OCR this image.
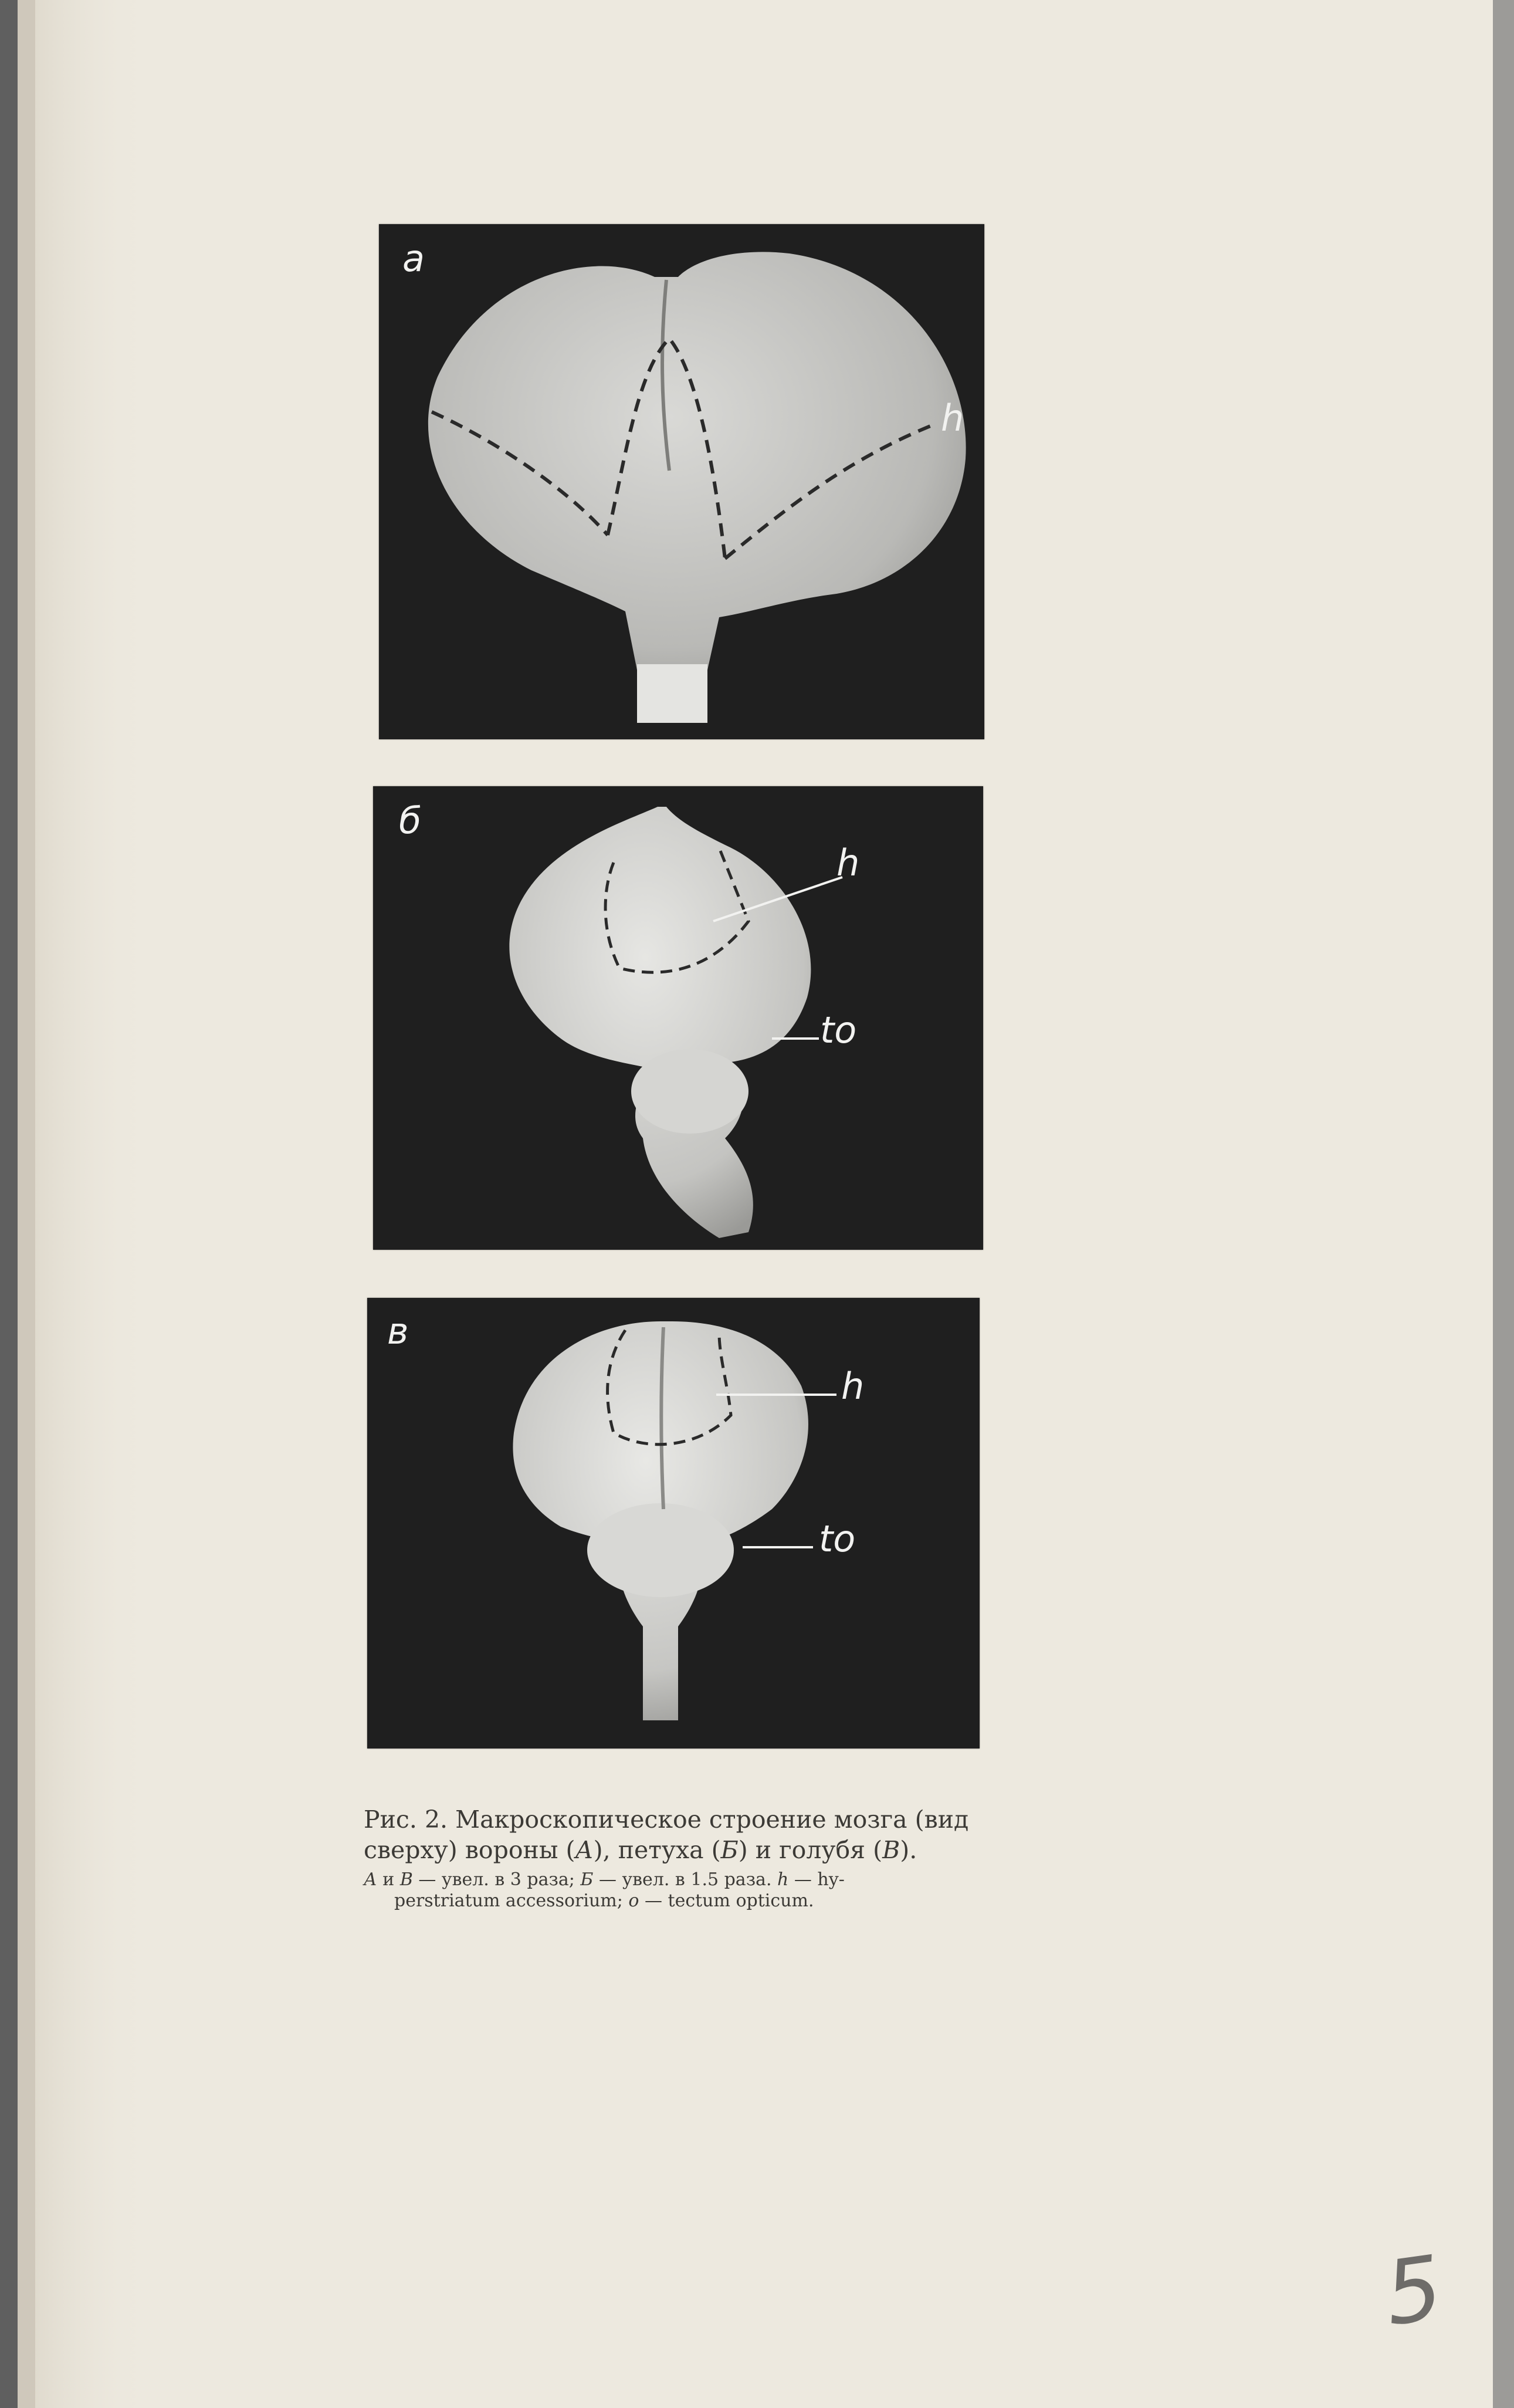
а
h
б
h
to
в
h
to
Рис. 2. Макроскопическое строение мозга (вид
сверху) вороны (А), петуха (Б) и голубя (В).
А и В — увел. в 3 раза; Б — увел. в 1.5 раза. h — hy-
perstriatum accessorium; о — tectum opticum.
5
